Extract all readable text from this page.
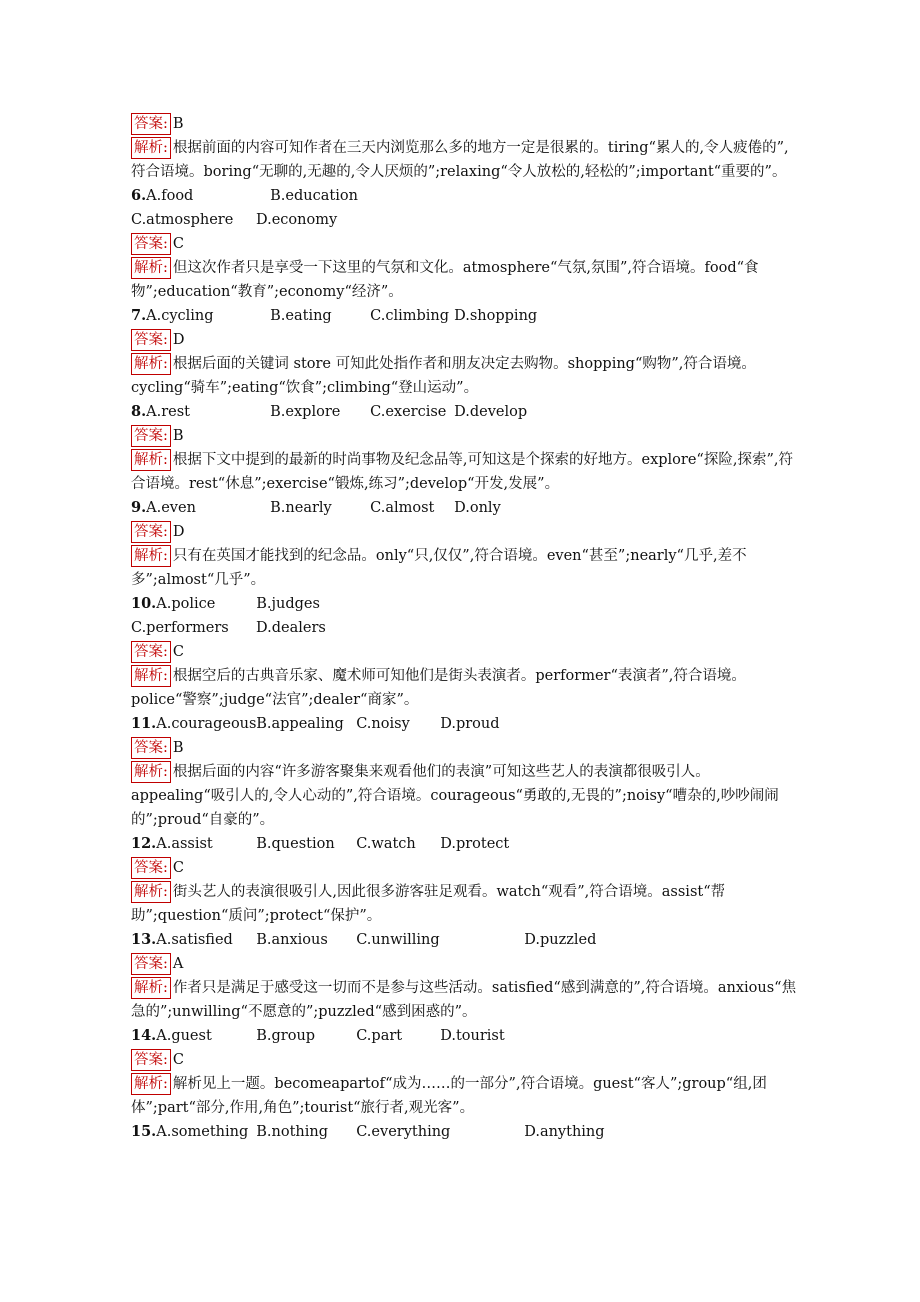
答案: B
解析: 根据前面的内容可知作者在三天内浏览那么多的地方一定是很累的。tiring“累人的,令人疲倦的”,符合语境。boring“无聊的,无趣的,令人厌烦的”;relaxing“令人放松的,轻松的”;important“重要的”。
6.A.food	B.education
C.atmosphere D.economy
答案: C
解析: 但这次作者只是享受一下这里的气氛和文化。atmosphere“气氛,氛围”,符合语境。food“食物”;education“教育”;economy“经济”。
7.A.cycling	B.eating	C.climbing D.shopping
答案: D
解析: 根据后面的关键词 store 可知此处指作者和朋友决定去购物。shopping“购物”,符合语境。cycling“骑车”;eating“饮食”;climbing“登山运动”。
8.A.rest	B.explore C.exercise D.develop
答案: B
解析: 根据下文中提到的最新的时尚事物及纪念品等,可知这是个探索的好地方。explore“探险,探索”,符合语境。rest“休息”;exercise“锻炼,练习”;develop“开发,发展”。
9.A.even	B.nearly	C.almost D.only
答案: D
解析: 只有在英国才能找到的纪念品。only“只,仅仅”,符合语境。even“甚至”;nearly“几乎,差不多”;almost“几乎”。
10.A.police	B.judges
C.performers D.dealers
答案: C
解析: 根据空后的古典音乐家、魔术师可知他们是街头表演者。performer“表演者”,符合语境。police“警察”;judge“法官”;dealer“商家”。
11.A.courageousB.appealing C.noisy D.proud
答案: B
解析: 根据后面的内容“许多游客聚集来观看他们的表演”可知这些艺人的表演都很吸引人。appealing“吸引人的,令人心动的”,符合语境。courageous“勇敢的,无畏的”;noisy“嘈杂的,吵吵闹闹的”;proud“自豪的”。
12.A.assist	B.question C.watch D.protect
答案: C
解析: 街头艺人的表演很吸引人,因此很多游客驻足观看。watch“观看”,符合语境。assist“帮助”;question“质问”;protect“保护”。
13.A.satisfied B.anxious C.unwilling	D.puzzled
答案: A
解析: 作者只是满足于感受这一切而不是参与这些活动。satisfied“感到满意的”,符合语境。anxious“焦急的”;unwilling“不愿意的”;puzzled“感到困惑的”。
14.A.guest	B.group	C.part	D.tourist
答案: C
解析: 解析见上一题。becomeapartof“成为……的一部分”,符合语境。guest“客人”;group“组,团体”;part“部分,作用,角色”;tourist“旅行者,观光客”。
15.A.something B.nothing C.everything	D.anything
